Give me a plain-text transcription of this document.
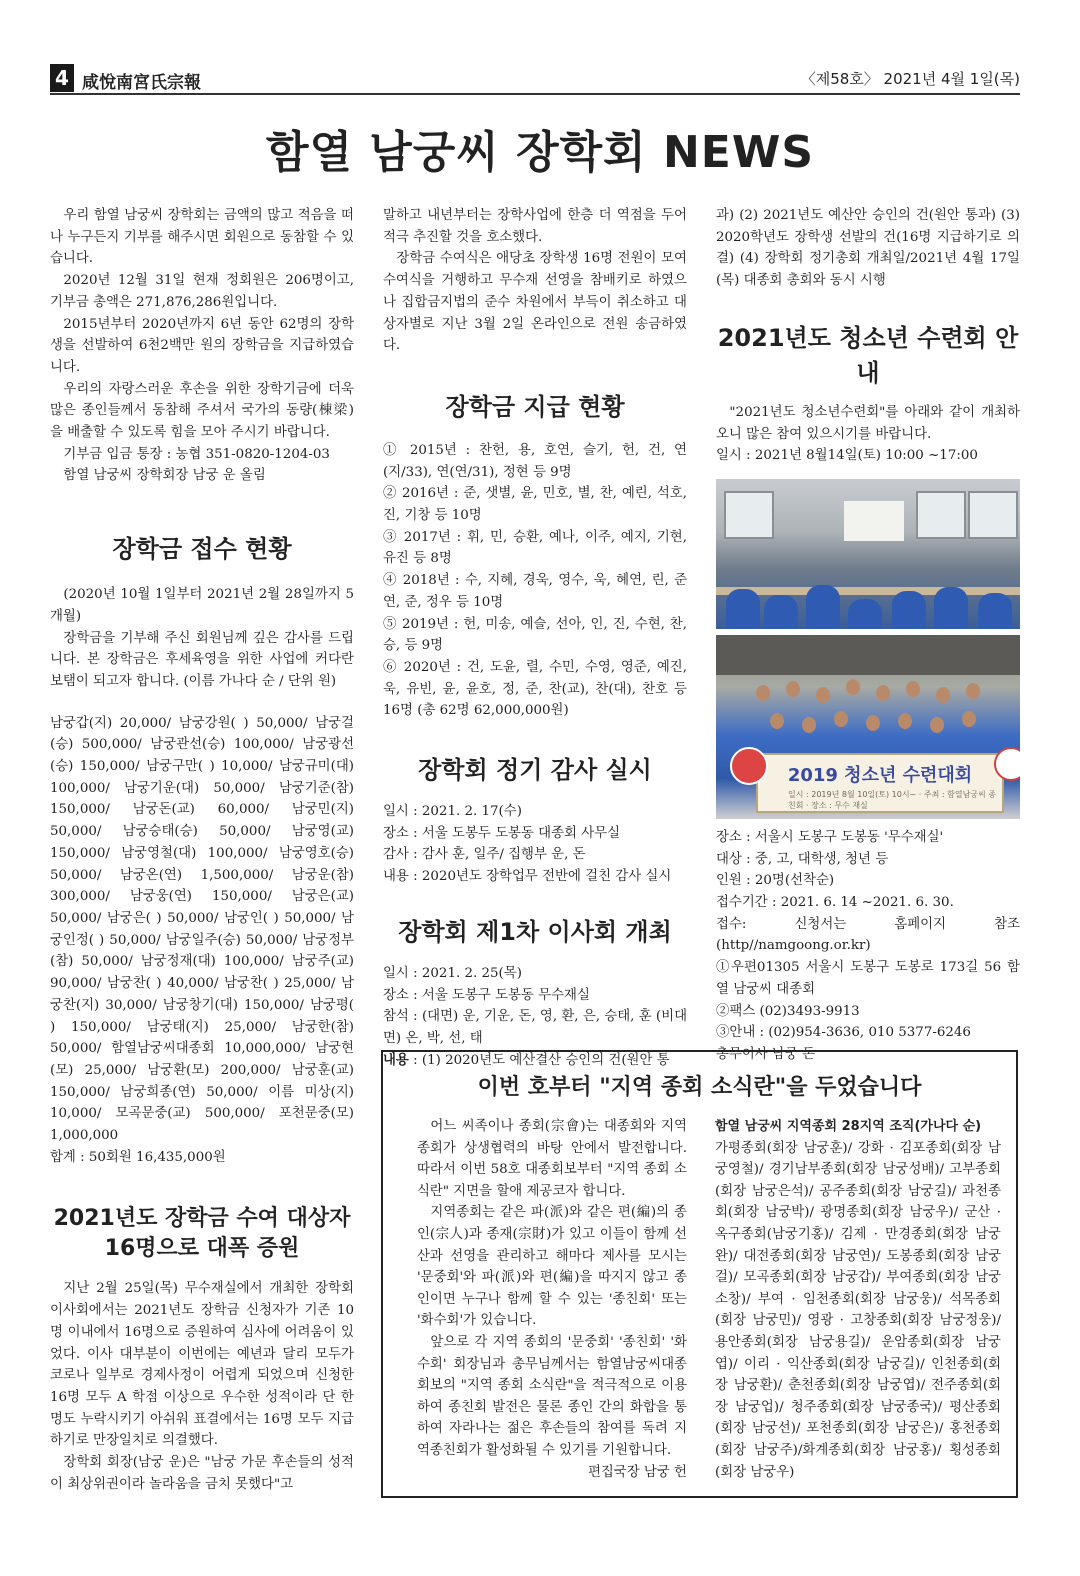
4 咸悅南宮氏宗報	〈제58호〉 2021년 4월 1일(목)
함열 남궁씨 장학회 NEWS

우리 함열 남궁씨 장학회는 금액의 많고 적음을 떠나 누구든지 기부를 해주시면 회원으로 동참할 수 있습니다.

2020년 12월 31일 현재 정회원은 206명이고, 기부금 총액은 271,876,286원입니다.

2015년부터 2020년까지 6년 동안 62명의 장학생을 선발하여 6천2백만 원의 장학금을 지급하였습니다.

우리의 자랑스러운 후손을 위한 장학기금에 더욱 많은 종인들께서 동참해 주셔서 국가의 동량(棟梁)을 배출할 수 있도록 힘을 모아 주시기 바랍니다.

기부금 입금 통장 : 농협 351-0820-1204-03

함열 남궁씨 장학회장 남궁 운 올림

장학금 접수 현황

(2020년 10월 1일부터 2021년 2월 28일까지 5개월)

장학금을 기부해 주신 회원님께 깊은 감사를 드립니다. 본 장학금은 후세육영을 위한 사업에 커다란 보탬이 되고자 합니다. (이름 가나다 순 / 단위 원)

남궁갑(지) 20,000/ 남궁강원( ) 50,000/ 남궁걸(승) 500,000/ 남궁관선(승) 100,000/ 남궁광선(승) 150,000/ 남궁구만( ) 10,000/ 남궁규미(대) 100,000/ 남궁기운(대) 50,000/ 남궁기준(참) 150,000/ 남궁돈(교) 60,000/ 남궁민(지) 50,000/ 남궁승태(승) 50,000/ 남궁영(교) 150,000/ 남궁영철(대) 100,000/ 남궁영호(승) 50,000/ 남궁온(연) 1,500,000/ 남궁운(참) 300,000/ 남궁웅(연) 150,000/ 남궁은(교) 50,000/ 남궁은( ) 50,000/ 남궁인( ) 50,000/ 남궁인정( ) 50,000/ 남궁일주(승) 50,000/ 남궁정부(참) 50,000/ 남궁정재(대) 100,000/ 남궁주(교) 90,000/ 남궁찬( ) 40,000/ 남궁찬( ) 25,000/ 남궁찬(지) 30,000/ 남궁창기(대) 150,000/ 남궁평( ) 150,000/ 남궁태(지) 25,000/ 남궁한(참) 50,000/ 함열남궁씨대종회 10,000,000/ 남궁현(모) 25,000/ 남궁환(모) 200,000/ 남궁훈(교) 150,000/ 남궁희종(연) 50,000/ 이름 미상(지) 10,000/ 모곡문중(교) 500,000/ 포천문중(모) 1,000,000

합계 : 50회원 16,435,000원

2021년도 장학금 수여 대상자
16명으로 대폭 증원

지난 2월 25일(목) 무수재실에서 개최한 장학회 이사회에서는 2021년도 장학금 신청자가 기존 10명 이내에서 16명으로 증원하여 심사에 어려움이 있었다. 이사 대부분이 이번에는 예년과 달리 모두가 코로나 일부로 경제사정이 어렵게 되었으며 신청한 16명 모두 A 학점 이상으로 우수한 성적이라 단 한 명도 누락시키기 아쉬워 표결에서는 16명 모두 지급하기로 만장일치로 의결했다.

장학회 회장(남궁 운)은 "남궁 가문 후손들의 성적이 최상위권이라 놀라움을 금치 못했다"고

말하고 내년부터는 장학사업에 한층 더 역점을 두어 적극 추진할 것을 호소했다.

장학금 수여식은 애당초 장학생 16명 전원이 모여 수여식을 거행하고 무수재 선영을 참배키로 하였으나 집합금지법의 준수 차원에서 부득이 취소하고 대상자별로 지난 3월 2일 온라인으로 전원 송금하였다.

장학금 지급 현황

① 2015년 : 찬헌, 용, 호연, 슬기, 헌, 건, 연(지/33), 연(연/31), 정현 등 9명

② 2016년 : 준, 샛별, 윤, 민호, 별, 찬, 예린, 석호, 진, 기창 등 10명

③ 2017년 : 휘, 민, 승환, 예나, 이주, 예지, 기현, 유진 등 8명

④ 2018년 : 수, 지혜, 경욱, 영수, 욱, 혜연, 린, 준연, 준, 정우 등 10명

⑤ 2019년 : 헌, 미송, 예슬, 선아, 인, 진, 수현, 찬, 승, 등 9명

⑥ 2020년 : 건, 도윤, 렬, 수민, 수영, 영준, 예진, 욱, 유빈, 윤, 윤호, 정, 준, 찬(교), 찬(대), 찬호 등 16명 (총 62명 62,000,000원)

장학회 정기 감사 실시

일시 : 2021. 2. 17(수)

장소 : 서울 도봉두 도봉동 대종회 사무실

감사 : 감사 훈, 일주/ 집행부 운, 돈

내용 : 2020년도 장학업무 전반에 걸친 감사 실시

장학회 제1차 이사회 개최

일시 : 2021. 2. 25(목)

장소 : 서울 도봉구 도봉동 무수재실

참석 : (대면) 운, 기운, 돈, 영, 환, 은, 승태, 훈 (비대면) 온, 박, 선, 태

내용 : (1) 2020년도 예산결산 승인의 건(원안 통

과) (2) 2021년도 예산안 승인의 건(원안 통과) (3) 2020학년도 장학생 선발의 건(16명 지급하기로 의결) (4) 장학회 정기총회 개최일/2021년 4월 17일(목) 대종회 총회와 동시 시행

2021년도 청소년 수련회 안내

"2021년도 청소년수련회"를 아래와 같이 개최하오니 많은 참여 있으시기를 바랍니다.

일시 : 2021년 8월14일(토) 10:00 ~17:00

2019 청소년 수련대회
일시 : 2019년 8월 10일(토) 10시~ · 주최 : 함열남궁씨 종친회 · 장소 : 무수 재실

장소 : 서울시 도봉구 도봉동 '무수재실'

대상 : 중, 고, 대학생, 청년 등

인원 : 20명(선착순)

접수기간 : 2021. 6. 14 ~2021. 6. 30.

접수: 신청서는 홈페이지 참조(http//namgoong.or.kr)

①우편01305 서울시 도봉구 도봉로 173길 56 함열 남궁씨 대종회

②팩스 (02)3493-9913

③안내 : (02)954-3636, 010 5377-6246

총무이사 남궁 돈

이번 호부터 "지역 종회 소식란"을 두었습니다

어느 씨족이나 종회(宗會)는 대종회와 지역 종회가 상생협력의 바탕 안에서 발전합니다. 따라서 이번 58호 대종회보부터 "지역 종회 소식란" 지면을 할애 제공코자 합니다.

지역종회는 같은 파(派)와 같은 편(編)의 종인(宗人)과 종재(宗財)가 있고 이들이 함께 선산과 선영을 관리하고 해마다 제사를 모시는 '문중회'와 파(派)와 편(編)을 따지지 않고 종인이면 누구나 함께 할 수 있는 '종친회' 또는 '화수회'가 있습니다.

앞으로 각 지역 종회의 '문중회' '종친회' '화수회' 회장님과 총무님께서는 함열남궁씨대종회보의 "지역 종회 소식란"을 적극적으로 이용하여 종친회 발전은 물론 종인 간의 화합을 통하여 자라나는 젊은 후손들의 참여를 독려 지역종친회가 활성화될 수 있기를 기원합니다.

편집국장 남궁 헌

함열 남궁씨 지역종회 28지역 조직(가나다 순)

가평종회(회장 남궁훈)/ 강화 · 김포종회(회장 남궁영철)/ 경기남부종회(회장 남궁성배)/ 고부종회(회장 남궁은석)/ 공주종회(회장 남궁길)/ 과천종회(회장 남궁박)/ 광명종회(회장 남궁우)/ 군산 · 옥구종회(남궁기홍)/ 김제 · 만경종회(회장 남궁완)/ 대전종회(회장 남궁연)/ 도봉종회(회장 남궁걸)/ 모곡종회(회장 남궁갑)/ 부여종회(회장 남궁소창)/ 부여 · 임천종회(회장 남궁웅)/ 석목종회(회장 남궁민)/ 영광 · 고창종회(회장 남궁정웅)/ 용안종회(회장 남궁용길)/ 운암종회(회장 남궁엽)/ 이리 · 익산종회(회장 남궁길)/ 인천종회(회장 남궁환)/ 춘천종회(회장 남궁엽)/ 전주종회(회장 남궁업)/ 청주종회(회장 남궁종국)/ 평산종회(회장 남궁선)/ 포천종회(회장 남궁은)/ 홍천종회(회장 남궁주)/화계종회(회장 남궁홍)/ 횡성종회(회장 남궁우)
